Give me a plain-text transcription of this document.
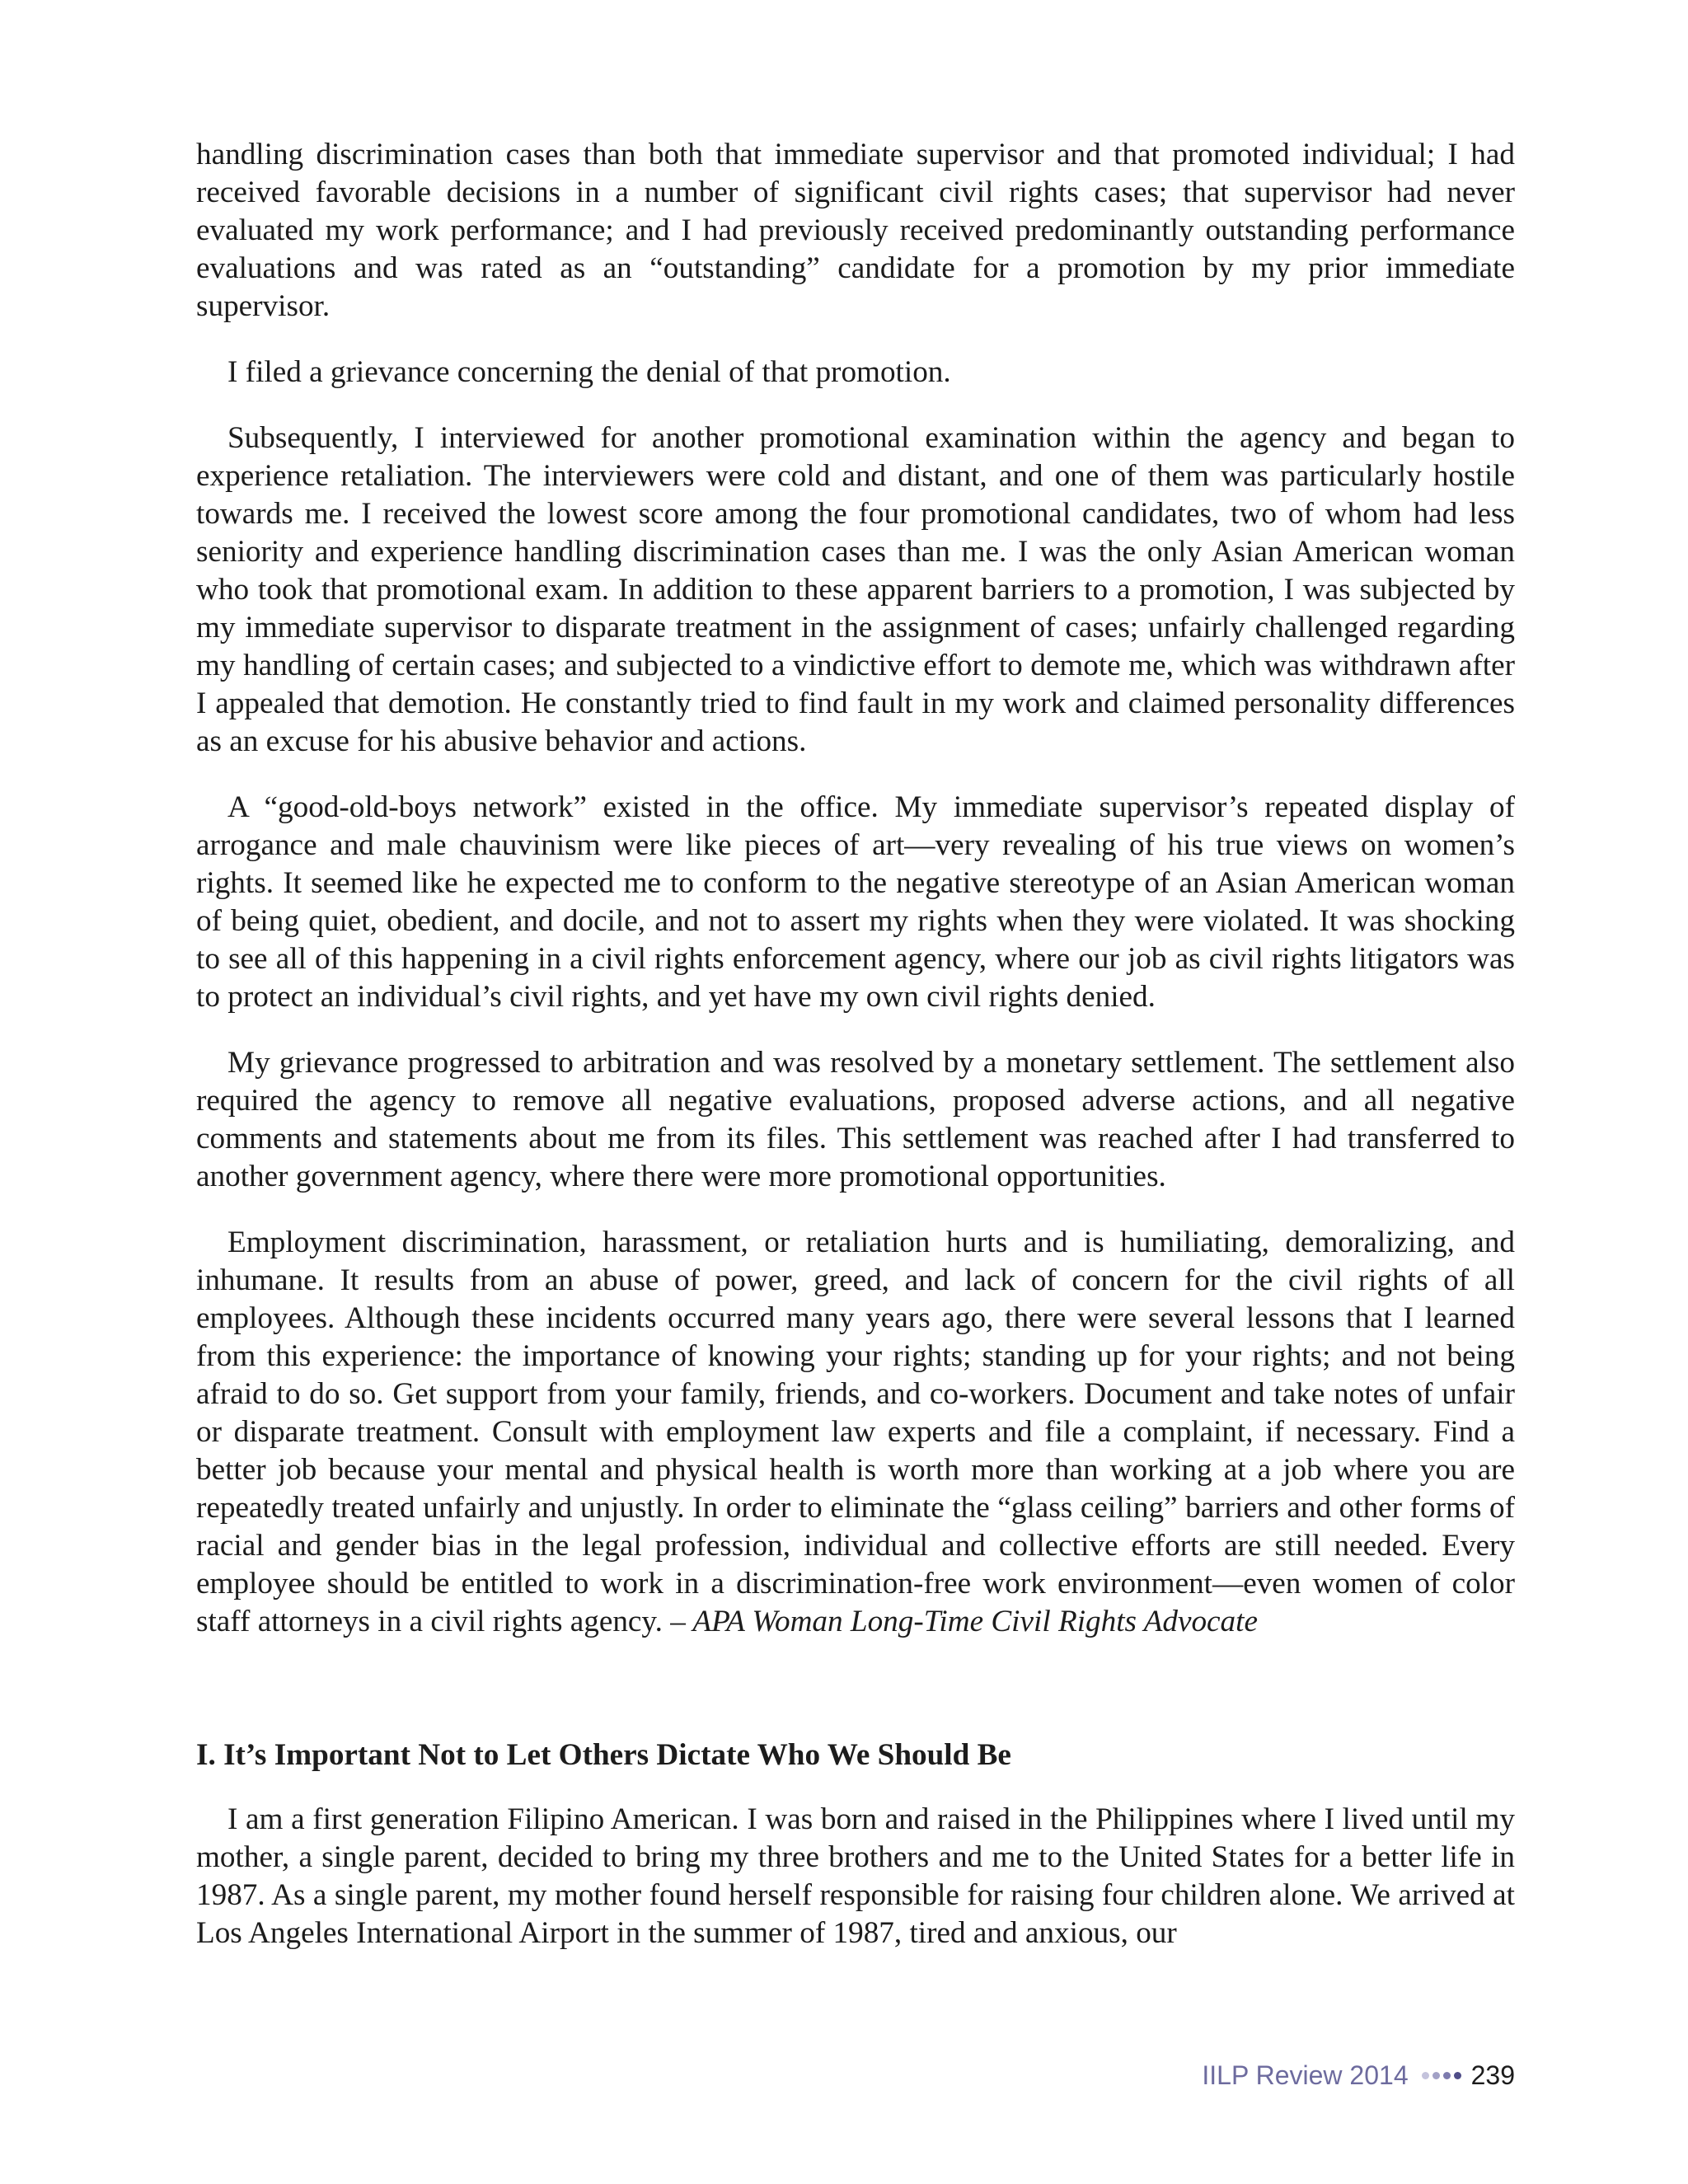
handling discrimination cases than both that immediate supervisor and that promoted individual; I had received favorable decisions in a number of significant civil rights cases; that supervisor had never evaluated my work performance; and I had previously received predominantly outstanding performance evaluations and was rated as an “outstanding” candidate for a promotion by my prior immediate supervisor.

I filed a grievance concerning the denial of that promotion.

Subsequently, I interviewed for another promotional examination within the agency and began to experience retaliation. The interviewers were cold and distant, and one of them was particularly hostile towards me. I received the lowest score among the four promotional candidates, two of whom had less seniority and experience handling discrimination cases than me. I was the only Asian American woman who took that promotional exam. In addition to these apparent barriers to a promotion, I was subjected by my immediate supervisor to disparate treatment in the assignment of cases; unfairly challenged regarding my handling of certain cases; and subjected to a vindictive effort to demote me, which was withdrawn after I appealed that demotion. He constantly tried to find fault in my work and claimed personality differences as an excuse for his abusive behavior and actions.

A “good-old-boys network” existed in the office. My immediate supervisor’s repeated display of arrogance and male chauvinism were like pieces of art—very revealing of his true views on women’s rights. It seemed like he expected me to conform to the negative stereotype of an Asian American woman of being quiet, obedient, and docile, and not to assert my rights when they were violated. It was shocking to see all of this happening in a civil rights enforcement agency, where our job as civil rights litigators was to protect an individual’s civil rights, and yet have my own civil rights denied.

My grievance progressed to arbitration and was resolved by a monetary settlement. The settlement also required the agency to remove all negative evaluations, proposed adverse actions, and all negative comments and statements about me from its files. This settlement was reached after I had transferred to another government agency, where there were more promotional opportunities.

Employment discrimination, harassment, or retaliation hurts and is humiliating, demoralizing, and inhumane. It results from an abuse of power, greed, and lack of concern for the civil rights of all employees. Although these incidents occurred many years ago, there were several lessons that I learned from this experience: the importance of knowing your rights; standing up for your rights; and not being afraid to do so. Get support from your family, friends, and co-workers. Document and take notes of unfair or disparate treatment. Consult with employment law experts and file a complaint, if necessary. Find a better job because your mental and physical health is worth more than working at a job where you are repeatedly treated unfairly and unjustly. In order to eliminate the “glass ceiling” barriers and other forms of racial and gender bias in the legal profession, individual and collective efforts are still needed. Every employee should be entitled to work in a discrimination-free work environment—even women of color staff attorneys in a civil rights agency. – APA Woman Long-Time Civil Rights Advocate

I. It’s Important Not to Let Others Dictate Who We Should Be

I am a first generation Filipino American. I was born and raised in the Philippines where I lived until my mother, a single parent, decided to bring my three brothers and me to the United States for a better life in 1987. As a single parent, my mother found herself responsible for raising four children alone. We arrived at Los Angeles International Airport in the summer of 1987, tired and anxious, our

IILP Review 2014 239
